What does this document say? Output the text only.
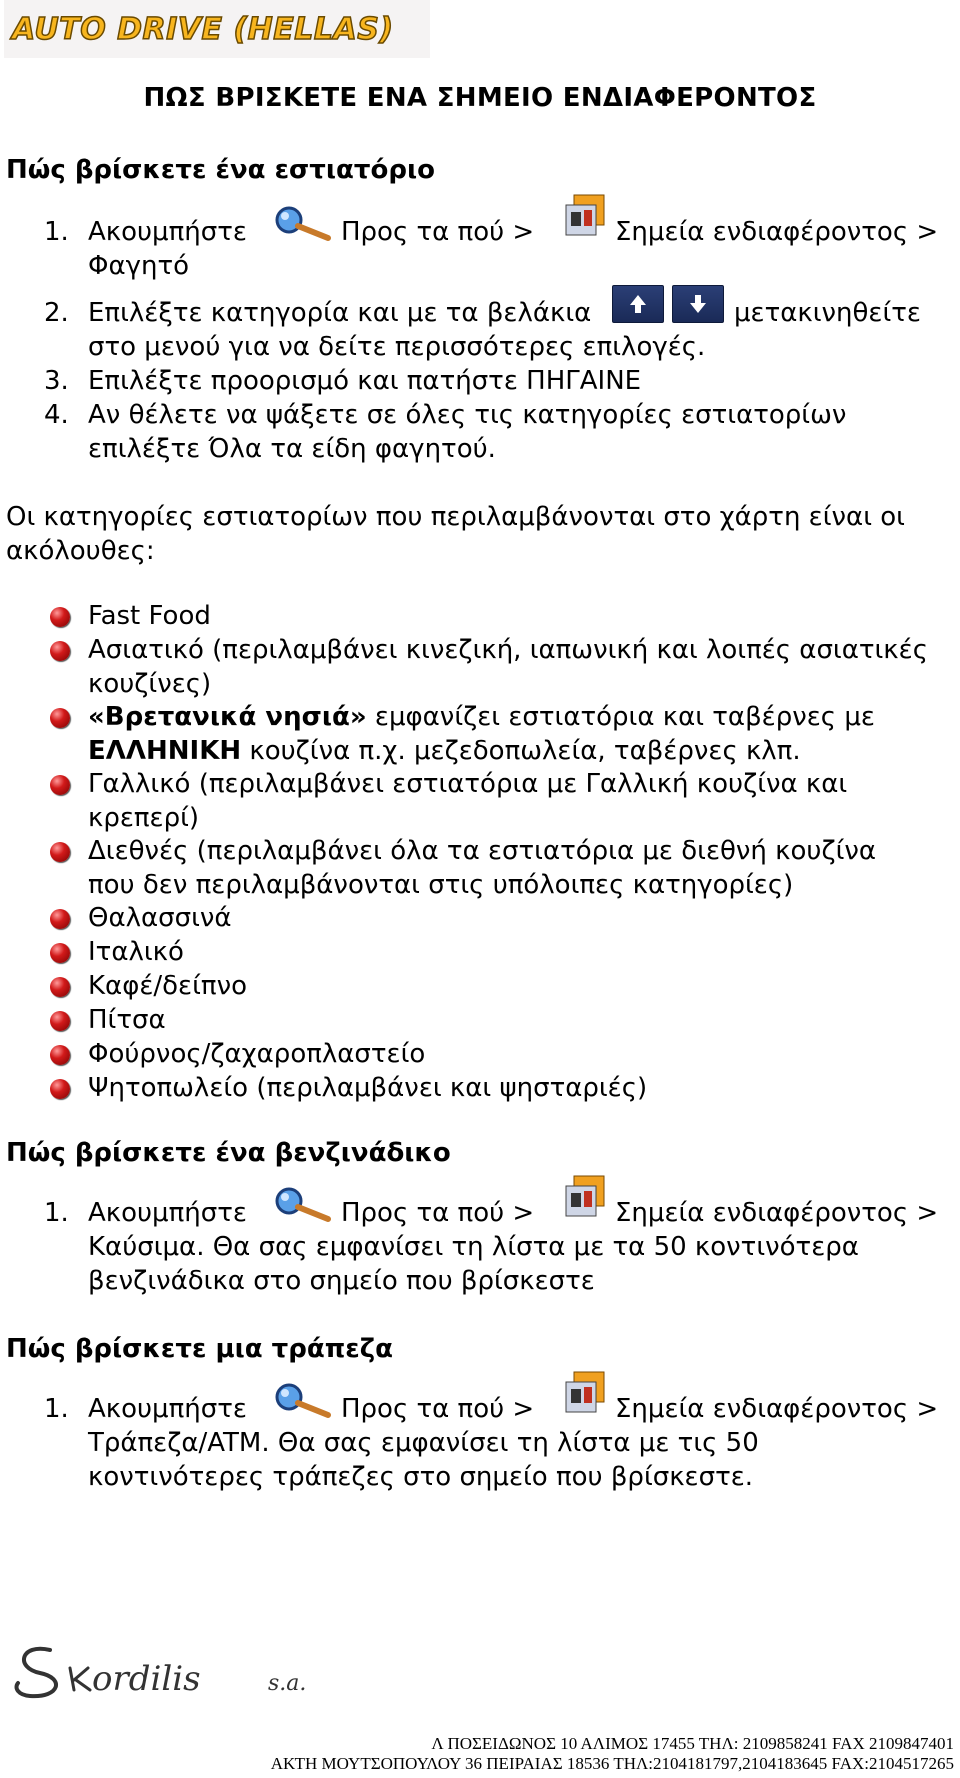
AUTO DRIVE (HELLAS)
ΠΩΣ ΒΡΙΣΚΕΤΕ ΕΝΑ ΣΗΜΕΙΟ ΕΝΔΙΑΦΕΡΟΝΤΟΣ
Πώς βρίσκετε ένα εστιατόριο
1. Ακουμπήστε	Προς τα πού >	Σημεία ενδιαφέροντος >
Φαγητό
2. Επιλέξτε κατηγορία και με τα βελάκια	μετακινηθείτε
στο μενού για να δείτε περισσότερες επιλογές.
3. Επιλέξτε προορισμό και πατήστε ΠΗΓΑΙΝΕ
4. Αν θέλετε να ψάξετε σε όλες τις κατηγορίες εστιατορίων
επιλέξτε Όλα τα είδη φαγητού.
Οι κατηγορίες εστιατορίων που περιλαμβάνονται στο χάρτη είναι οι
ακόλουθες:
Fast Food
Ασιατικό (περιλαμβάνει κινεζική, ιαπωνική και λοιπές ασιατικές
κουζίνες)
«Βρετανικά νησιά» εμφανίζει εστιατόρια και ταβέρνες με
ΕΛΛΗΝΙΚΗ κουζίνα π.χ. μεζεδοπωλεία, ταβέρνες κλπ.
Γαλλικό (περιλαμβάνει εστιατόρια με Γαλλική κουζίνα και
κρεπερί)
Διεθνές (περιλαμβάνει όλα τα εστιατόρια με διεθνή κουζίνα
που δεν περιλαμβάνονται στις υπόλοιπες κατηγορίες)
Θαλασσινά
Ιταλικό
Καφέ/δείπνο
Πίτσα
Φούρνος/ζαχαροπλαστείο
Ψητοπωλείο (περιλαμβάνει και ψησταριές)
Πώς βρίσκετε ένα βενζινάδικο
1. Ακουμπήστε	Προς τα πού >	Σημεία ενδιαφέροντος >
Καύσιμα. Θα σας εμφανίσει τη λίστα με τα 50 κοντινότερα
βενζινάδικα στο σημείο που βρίσκεστε
Πώς βρίσκετε μια τράπεζα
1. Ακουμπήστε	Προς τα πού >	Σημεία ενδιαφέροντος >
Τράπεζα/ATM. Θα σας εμφανίσει τη λίστα με τις 50
κοντινότερες τράπεζες στο σημείο που βρίσκεστε.
ordilis	s.a.
Λ ΠΟΣΕΙΔΩΝΟΣ 10 ΑΛΙΜΟΣ 17455 ΤΗΛ: 2109858241 FAX 2109847401
ΑΚΤΗ ΜΟΥΤΣΟΠΟΥΛΟΥ 36 ΠΕΙΡΑΙΑΣ 18536 ΤΗΛ:2104181797,2104183645 FAX:2104517265
